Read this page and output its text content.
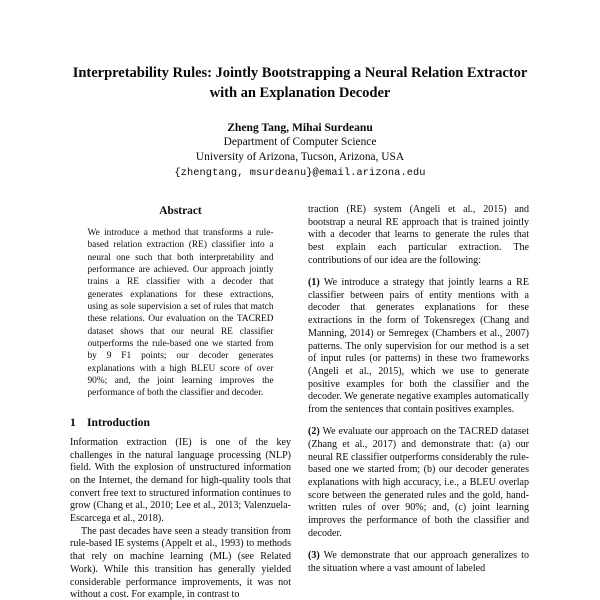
Interpretability Rules: Jointly Bootstrapping a Neural Relation Extractor
with an Explanation Decoder
Zheng Tang, Mihai Surdeanu
Department of Computer Science
University of Arizona, Tucson, Arizona, USA
{zhengtang, msurdeanu}@email.arizona.edu
Abstract

We introduce a method that transforms a rule-based relation extraction (RE) classifier into a neural one such that both interpretability and performance are achieved. Our approach jointly trains a RE classifier with a decoder that generates explanations for these extractions, using as sole supervision a set of rules that match these relations. Our evaluation on the TACRED dataset shows that our neural RE classifier outperforms the rule-based one we started from by 9 F1 points; our decoder generates explanations with a high BLEU score of over 90%; and, the joint learning improves the performance of both the classifier and decoder.

1 Introduction

Information extraction (IE) is one of the key challenges in the natural language processing (NLP) field. With the explosion of unstructured information on the Internet, the demand for high-quality tools that convert free text to structured information continues to grow (Chang et al., 2010; Lee et al., 2013; Valenzuela-Escarcega et al., 2018).

The past decades have seen a steady transition from rule-based IE systems (Appelt et al., 1993) to methods that rely on machine learning (ML) (see Related Work). While this transition has generally yielded considerable performance improvements, it was not without a cost. For example, in contrast to

traction (RE) system (Angeli et al., 2015) and bootstrap a neural RE approach that is trained jointly with a decoder that learns to generate the rules that best explain each particular extraction. The contributions of our idea are the following:

(1) We introduce a strategy that jointly learns a RE classifier between pairs of entity mentions with a decoder that generates explanations for these extractions in the form of Tokensregex (Chang and Manning, 2014) or Semregex (Chambers et al., 2007) patterns. The only supervision for our method is a set of input rules (or patterns) in these two frameworks (Angeli et al., 2015), which we use to generate positive examples for both the classifier and the decoder. We generate negative examples automatically from the sentences that contain positives examples.

(2) We evaluate our approach on the TACRED dataset (Zhang et al., 2017) and demonstrate that: (a) our neural RE classifier outperforms considerably the rule-based one we started from; (b) our decoder generates explanations with high accuracy, i.e., a BLEU overlap score between the generated rules and the gold, hand-written rules of over 90%; and, (c) joint learning improves the performance of both the classifier and decoder.

(3) We demonstrate that our approach generalizes to the situation where a vast amount of labeled
